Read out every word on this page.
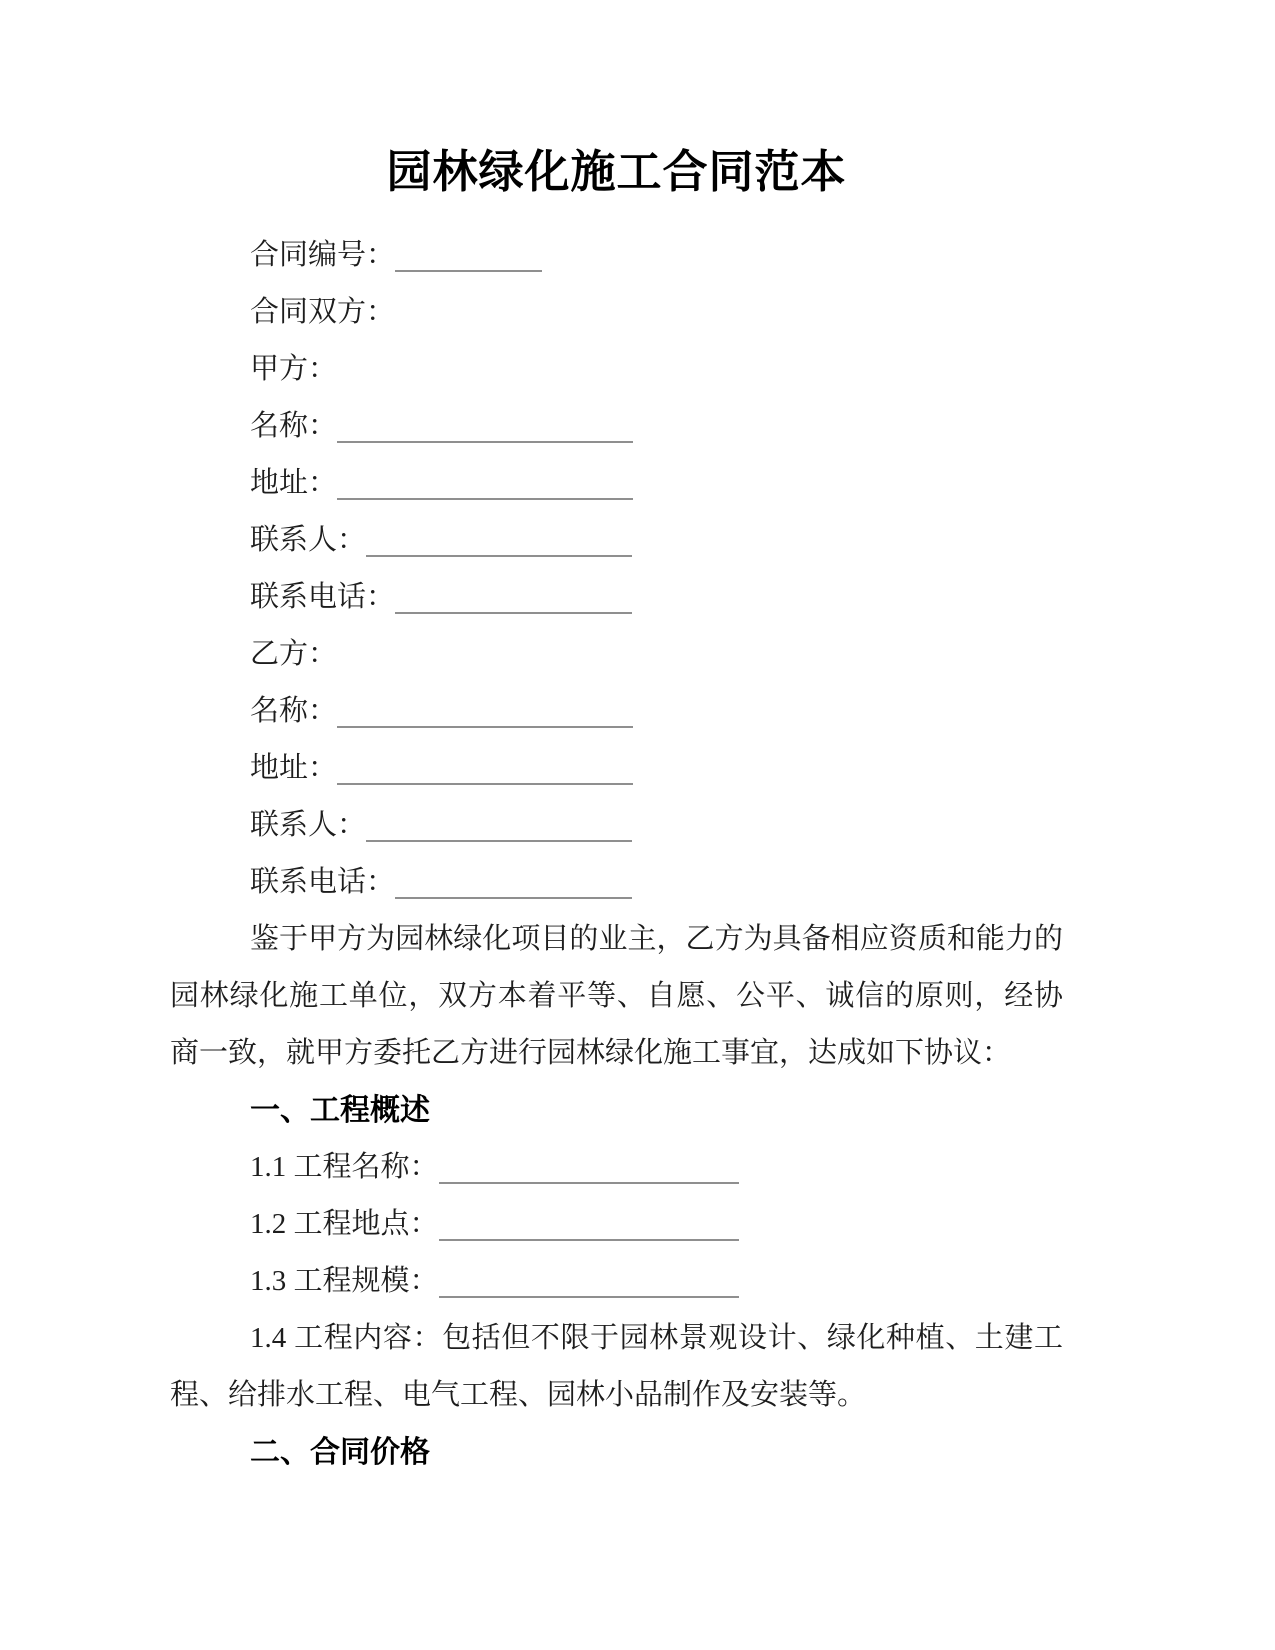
园林绿化施工合同范本
合同编号：
合同双方：
甲方：
名称：
地址：
联系人：
联系电话：
乙方：
名称：
地址：
联系人：
联系电话：
鉴于甲方为园林绿化项目的业主，乙方为具备相应资质和能力的
园林绿化施工单位，双方本着平等、自愿、公平、诚信的原则，经协
商一致，就甲方委托乙方进行园林绿化施工事宜，达成如下协议：
一、工程概述
1.1 工程名称：
1.2 工程地点：
1.3 工程规模：
1.4 工程内容：包括但不限于园林景观设计、绿化种植、土建工
程、给排水工程、电气工程、园林小品制作及安装等。
二、合同价格
